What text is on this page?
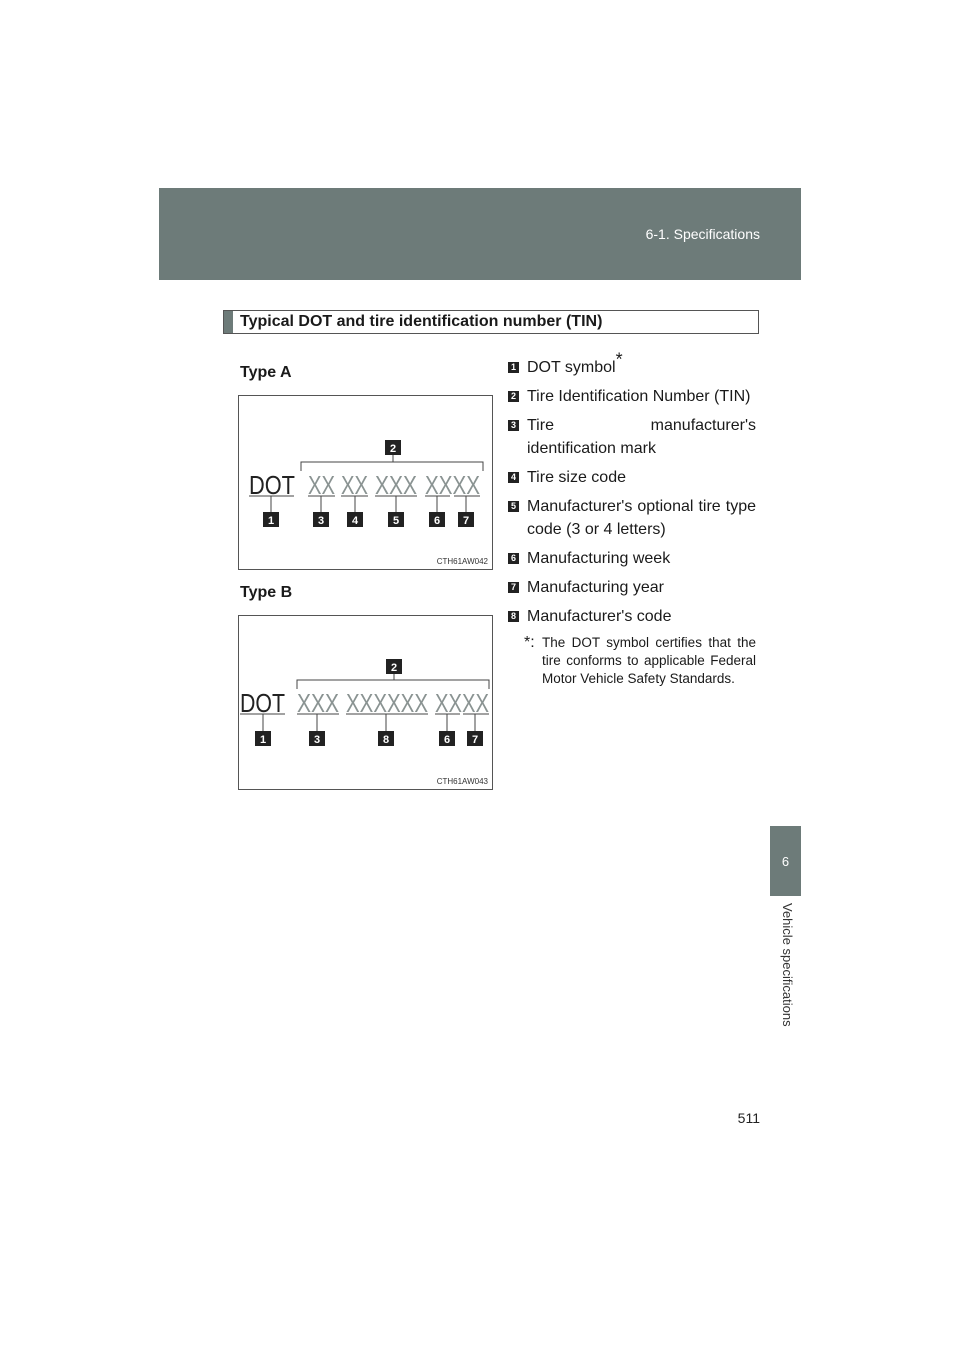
6-1. Specifications
Typical DOT and tire identification number (TIN)
Type A
2
DOT XX XX XXX XXXX
1	3	4	5	6 7
CTH61AW042
Type B
2
DOT XXX XXXXXX XXXX
1	3	8	6 7
CTH61AW043
1 DOT symbol*
2 Tire Identification Number (TIN)
3 Tire manufacturer's identification mark
4 Tire size code
5 Manufacturer's optional tire type code (3 or 4 letters)
6 Manufacturing week
7 Manufacturing year
8 Manufacturer's code
*: The DOT symbol certifies that the tire conforms to applicable Federal Motor Vehicle Safety Standards.
6
Vehicle specifications
511
